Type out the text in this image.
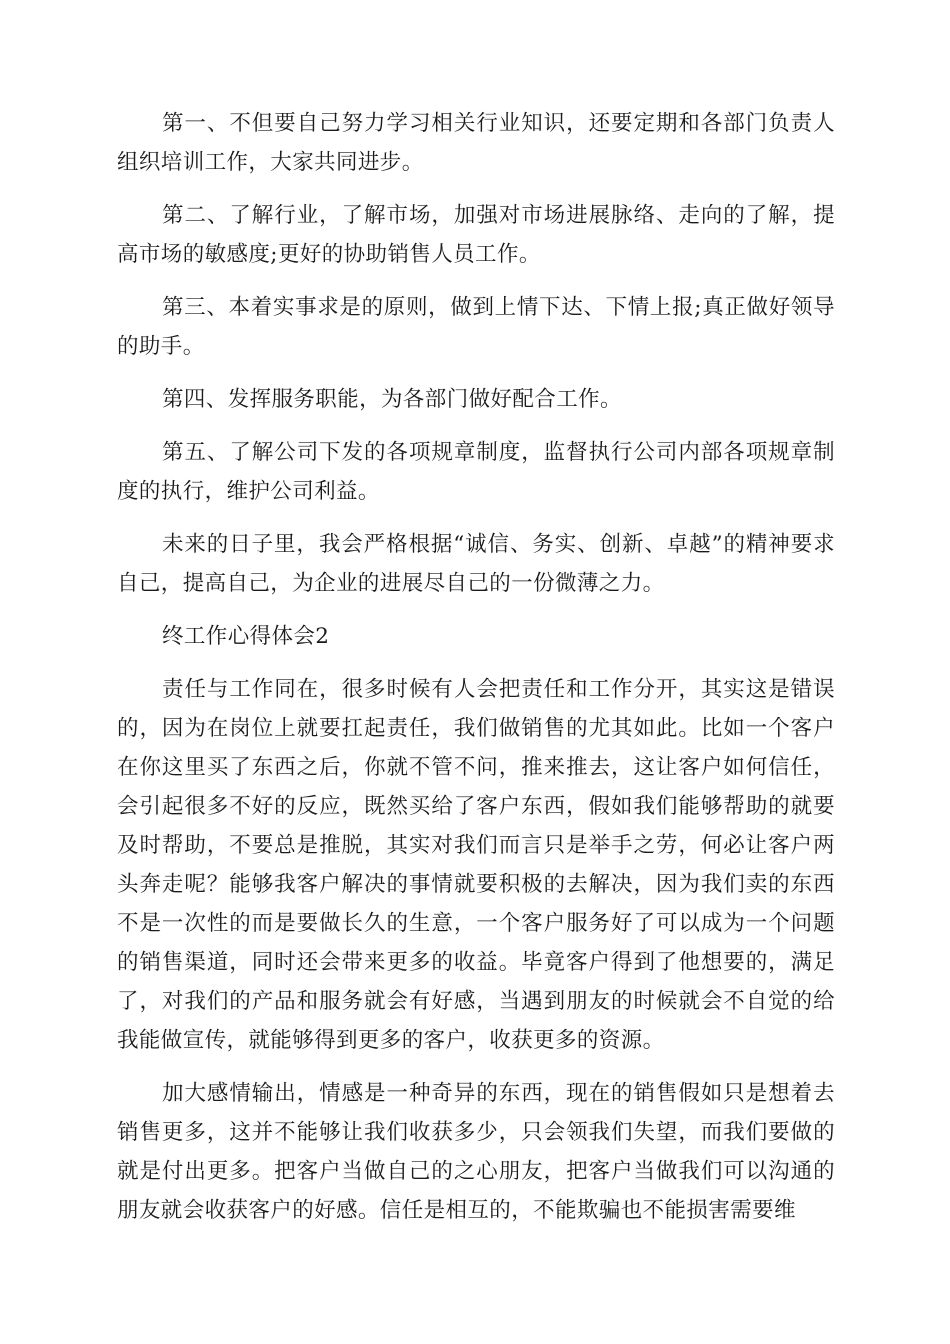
第一、不但要自己努力学习相关行业知识，还要定期和各部门负责人组织培训工作，大家共同进步。

第二、了解行业，了解市场，加强对市场进展脉络、走向的了解，提高市场的敏感度;更好的协助销售人员工作。

第三、本着实事求是的原则，做到上情下达、下情上报;真正做好领导的助手。

第四、发挥服务职能，为各部门做好配合工作。

第五、了解公司下发的各项规章制度，监督执行公司内部各项规章制度的执行，维护公司利益。

未来的日子里，我会严格根据“诚信、务实、创新、卓越”的精神要求自己，提高自己，为企业的进展尽自己的一份微薄之力。

终工作心得体会2

责任与工作同在，很多时候有人会把责任和工作分开，其实这是错误的，因为在岗位上就要扛起责任，我们做销售的尤其如此。比如一个客户在你这里买了东西之后，你就不管不问，推来推去，这让客户如何信任，会引起很多不好的反应，既然买给了客户东西，假如我们能够帮助的就要及时帮助，不要总是推脱，其实对我们而言只是举手之劳，何必让客户两头奔走呢？能够我客户解决的事情就要积极的去解决，因为我们卖的东西不是一次性的而是要做长久的生意，一个客户服务好了可以成为一个问题的销售渠道，同时还会带来更多的收益。毕竟客户得到了他想要的，满足了，对我们的产品和服务就会有好感，当遇到朋友的时候就会不自觉的给我能做宣传，就能够得到更多的客户，收获更多的资源。

加大感情输出，情感是一种奇异的东西，现在的销售假如只是想着去销售更多，这并不能够让我们收获多少，只会领我们失望，而我们要做的就是付出更多。把客户当做自己的之心朋友，把客户当做我们可以沟通的朋友就会收获客户的好感。信任是相互的，不能欺骗也不能损害需要维
